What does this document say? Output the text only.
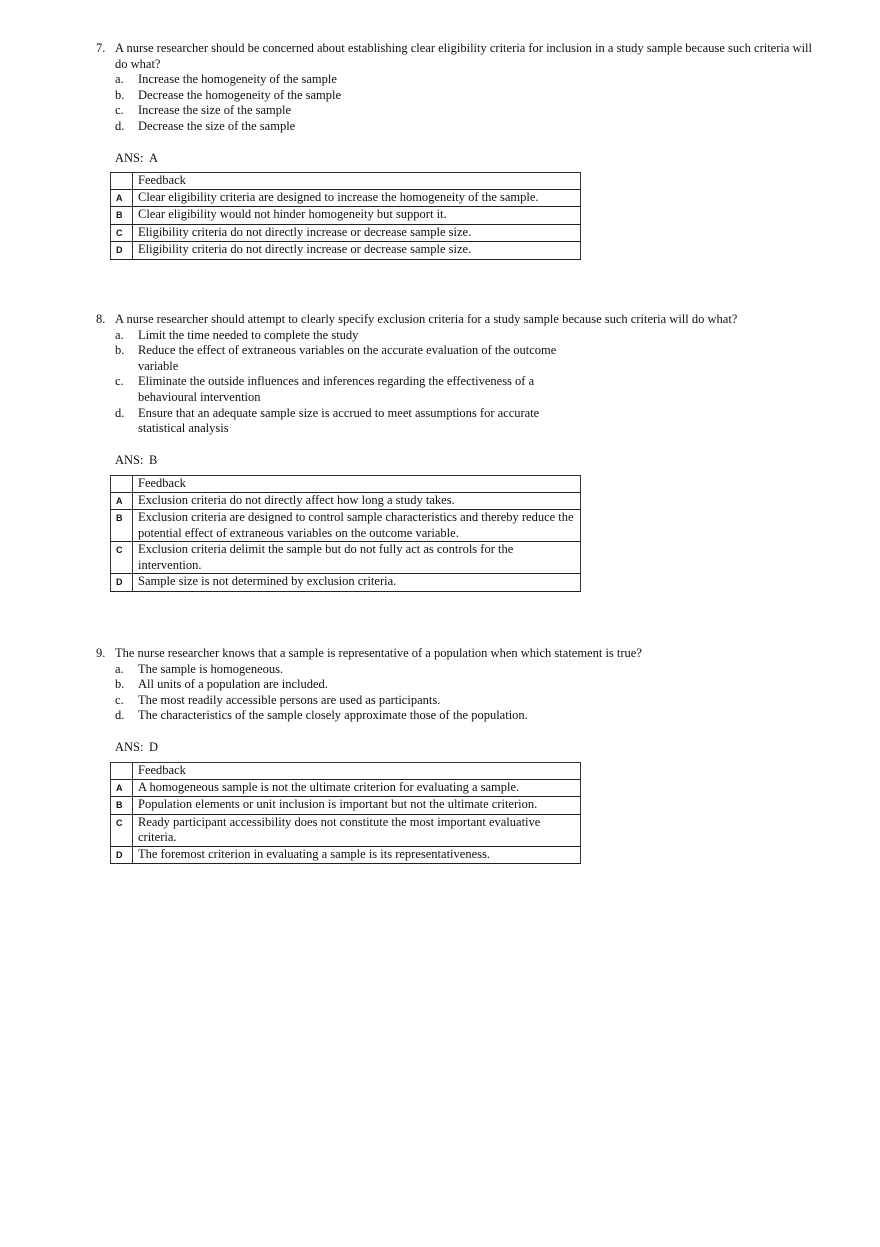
7. A nurse researcher should be concerned about establishing clear eligibility criteria for inclusion in a study sample because such criteria will do what?
a.	Increase the homogeneity of the sample
b.	Decrease the homogeneity of the sample
c.	Increase the size of the sample
d.	Decrease the size of the sample
ANS: A
	Feedback
A	Clear eligibility criteria are designed to increase the homogeneity of the sample.
B	Clear eligibility would not hinder homogeneity but support it.
C	Eligibility criteria do not directly increase or decrease sample size.
D	Eligibility criteria do not directly increase or decrease sample size.
8. A nurse researcher should attempt to clearly specify exclusion criteria for a study sample because such criteria will do what?
a.	Limit the time needed to complete the study
b.	Reduce the effect of extraneous variables on the accurate evaluation of the outcome variable
c.	Eliminate the outside influences and inferences regarding the effectiveness of a behavioural intervention
d.	Ensure that an adequate sample size is accrued to meet assumptions for accurate statistical analysis
ANS: B
	Feedback
A	Exclusion criteria do not directly affect how long a study takes.
B	Exclusion criteria are designed to control sample characteristics and thereby reduce the potential effect of extraneous variables on the outcome variable.
C	Exclusion criteria delimit the sample but do not fully act as controls for the intervention.
D	Sample size is not determined by exclusion criteria.
9. The nurse researcher knows that a sample is representative of a population when which statement is true?
a.	The sample is homogeneous.
b.	All units of a population are included.
c.	The most readily accessible persons are used as participants.
d.	The characteristics of the sample closely approximate those of the population.
ANS: D
	Feedback
A	A homogeneous sample is not the ultimate criterion for evaluating a sample.
B	Population elements or unit inclusion is important but not the ultimate criterion.
C	Ready participant accessibility does not constitute the most important evaluative criteria.
D	The foremost criterion in evaluating a sample is its representativeness.
